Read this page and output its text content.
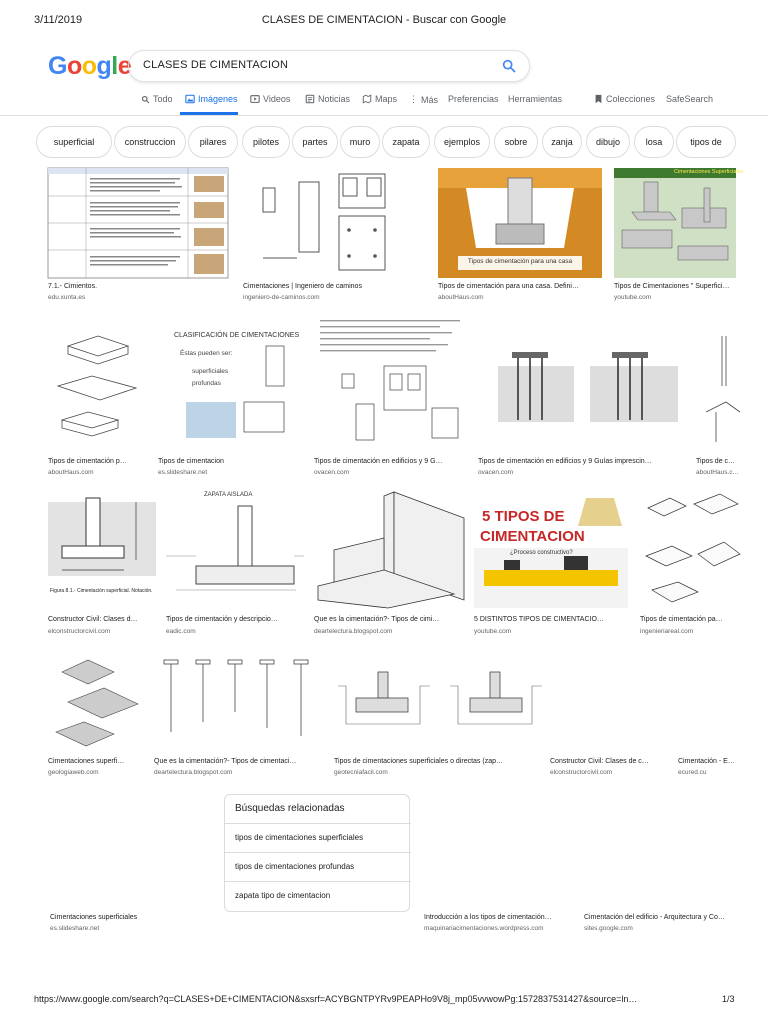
3/11/2019	CLASES DE CIMENTACION - Buscar con Google
Google CLASES DE CIMENTACION
Todo	Imágenes	Videos	Noticias	Maps ⋮ Más Preferencias Herramientas	Colecciones SafeSearch
superficial	construccion	pilares	pilotes	partes	muro	zapata	ejemplos	sobre	zanja	dibujo	losa	tipos de
7.1.- Cimientos.
edu.xunta.es
Cimentaciones | Ingeniero de caminos
ingeniero-de-caminos.com
Tipos de cimentación para una casa
Tipos de cimentación para una casa. Defini…
aboutHaus.com
Cimentaciones Superficiales
Tipos de Cimentaciones " Superfici…
youtube.com
Tipos de cimentación p…
aboutHaus.com
CLASIFICACIÓN DE CIMENTACIONES
Éstas pueden ser:
superficiales
profundas
Tipos de cimentacion
es.slideshare.net
Tipos de cimentación en edificios y 9 G…
ovacen.com
Tipos de cimentación en edificios y 9 Guías imprescin…
ovacen.com
Tipos de c…
aboutHaus.c…
Figura 8.1.- Cimentación superficial. Notación.
Constructor Civil: Clases d…
elconstructorcivil.com
ZAPATA AISLADA
Tipos de cimentación y descripcio…
eadic.com
Que es la cimentación?- Tipos de cimi…
deartelectura.blogspot.com
5 TIPOS DE
CIMENTACION
¿Proceso constructivo?
5 DISTINTOS TIPOS DE CIMENTACIO…
youtube.com
Tipos de cimentación pa…
ingenieriareal.com
Cimentaciones superfi…
geologiaweb.com
Que es la cimentación?- Tipos de cimentaci…
deartelectura.blogspot.com
Tipos de cimentaciones superficiales o directas (zap…
geotecniafacil.com
Constructor Civil: Clases de c…
elconstructorcivil.com
Cimentación - E…
ecured.cu
Búsquedas relacionadas
tipos de cimentaciones superficiales
tipos de cimentaciones profundas
zapata tipo de cimentacion
Cimentaciones superficiales
es.slideshare.net
Introducción a los tipos de cimentación…
maquinariacimentaciones.wordpress.com
Cimentación del edificio - Arquitectura y Co…
sites.google.com
https://www.google.com/search?q=CLASES+DE+CIMENTACION&sxsrf=ACYBGNTPYRv9PEAPHo9V8j_mp05vvwowPg:1572837531427&source=ln…	1/3
